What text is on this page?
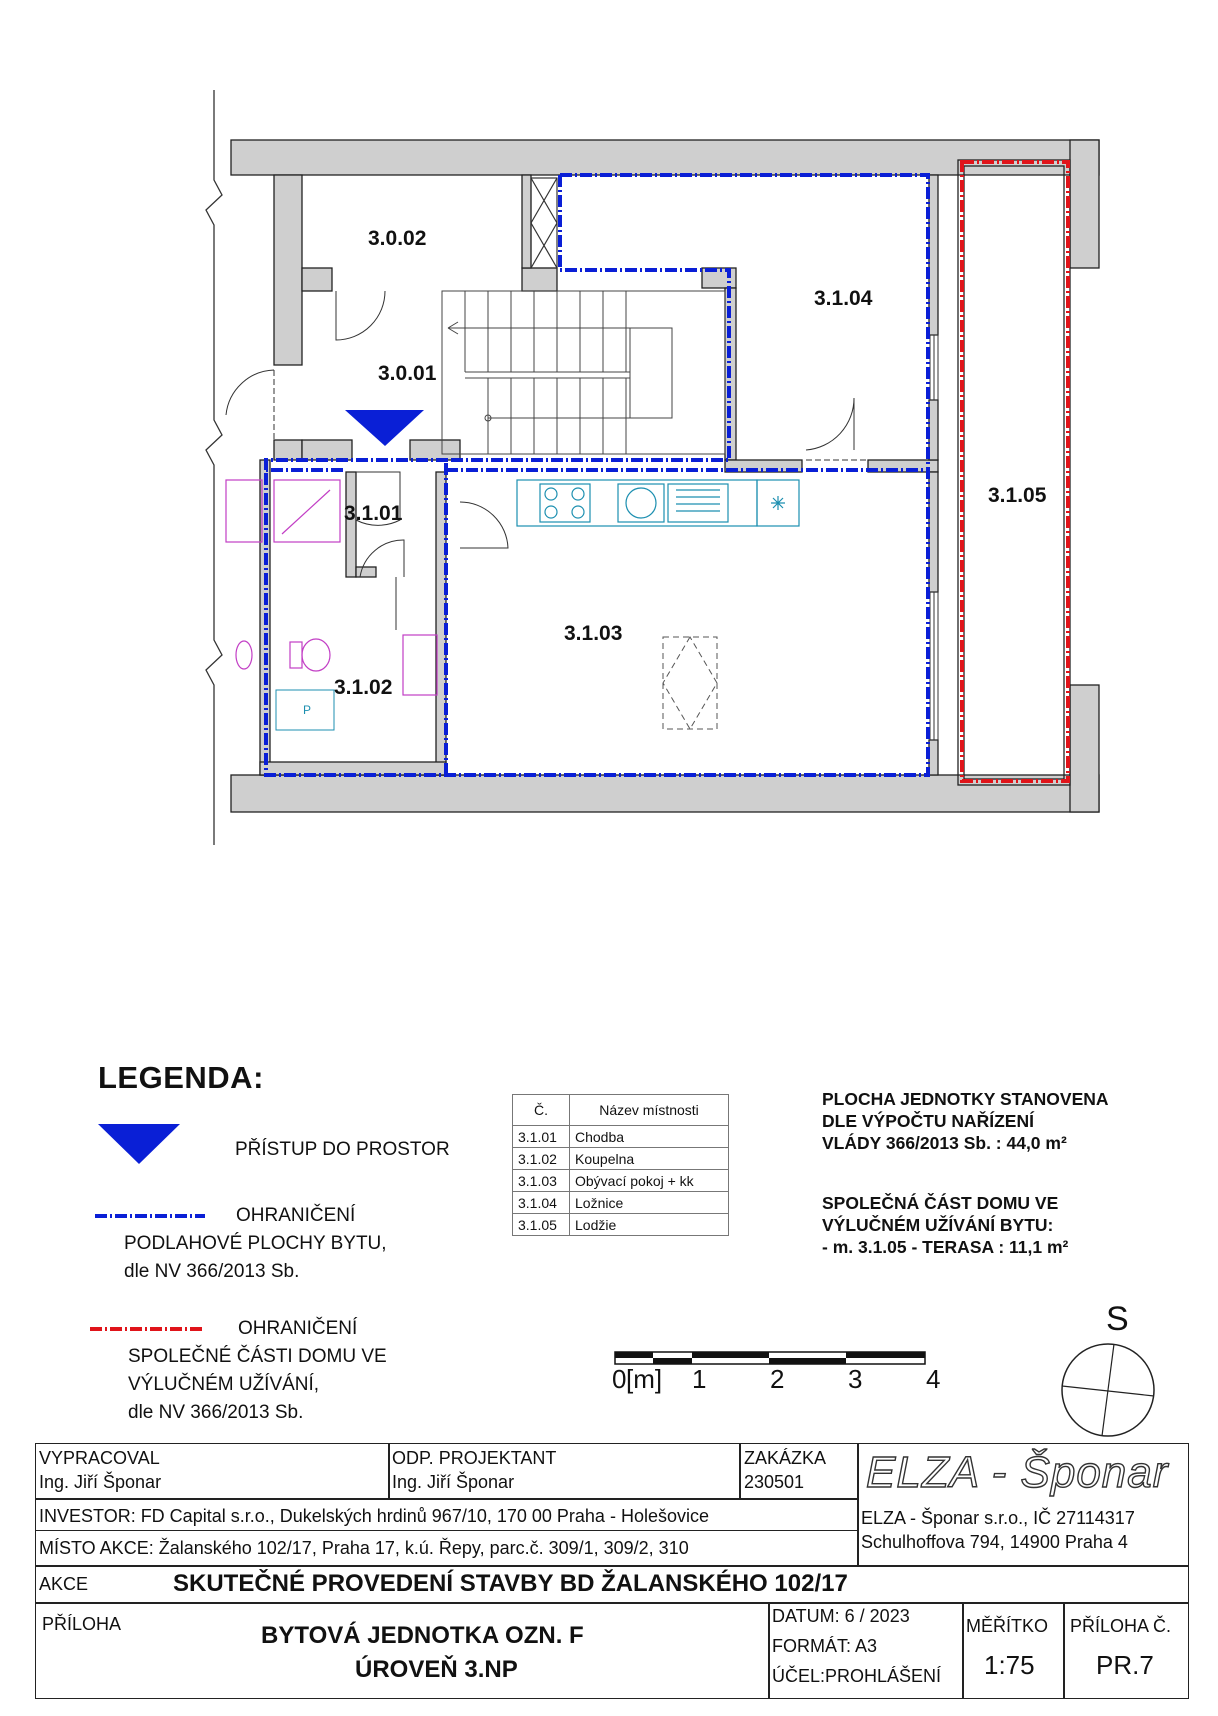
P
3.0.02
3.0.01
3.1.04
3.1.05
3.1.01
3.1.03
3.1.02
LEGENDA:
PŘÍSTUP DO PROSTOR
OHRANIČENÍ
PODLAHOVÉ PLOCHY BYTU,
dle NV 366/2013 Sb.
OHRANIČENÍ
SPOLEČNÉ ČÁSTI DOMU VE
VÝLUČNÉM UŽÍVÁNÍ,
dle NV 366/2013 Sb.
Č.	Název místnosti
3.1.01	Chodba
3.1.02	Koupelna
3.1.03	Obývací pokoj + kk
3.1.04	Ložnice
3.1.05	Lodžie
PLOCHA JEDNOTKY STANOVENA
DLE VÝPOČTU NAŘÍZENÍ
VLÁDY 366/2013 Sb. : 44,0 m²
SPOLEČNÁ ČÁST DOMU VE
VÝLUČNÉM UŽÍVÁNÍ BYTU:
- m. 3.1.05 - TERASA : 11,1 m²
0 [m] 1 2 3 4
S
VYPRACOVAL
Ing. Jiří Šponar
ODP. PROJEKTANT
Ing. Jiří Šponar
ZAKÁZKA
230501 ELZA - Šponar
INVESTOR: FD Capital s.r.o., Dukelských hrdinů 967/10, 170 00 Praha - Holešovice
MÍSTO AKCE: Žalanského 102/17, Praha 17, k.ú. Řepy, parc.č. 309/1, 309/2, 310
ELZA - Šponar s.r.o., IČ 27114317
Schulhoffova 794, 14900 Praha 4
AKCE	SKUTEČNÉ PROVEDENÍ STAVBY BD ŽALANSKÉHO 102/17
PŘÍLOHA	BYTOVÁ JEDNOTKA OZN. F
ÚROVEŇ 3.NP
DATUM: 6 / 2023
FORMÁT: A3
ÚČEL:PROHLÁŠENÍ
MĚŘÍTKO
1:75
PŘÍLOHA Č.
PR.7
